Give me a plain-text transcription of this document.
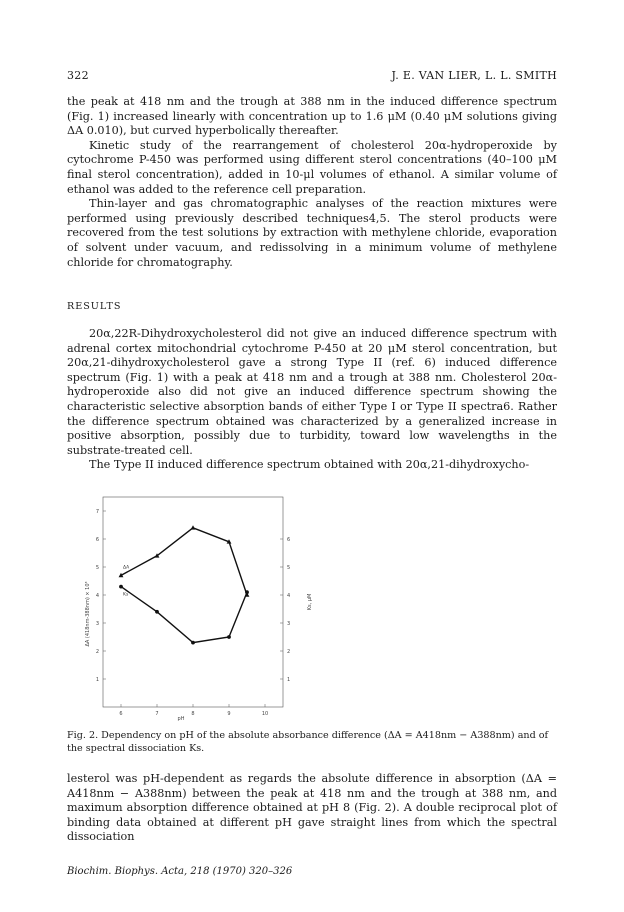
322	J. E. VAN LIER, L. L. SMITH

the peak at 418 nm and the trough at 388 nm in the induced difference spectrum (Fig. 1) increased linearly with concentration up to 1.6 μM (0.40 μM solutions giving ΔA 0.010), but curved hyperbolically thereafter.

Kinetic study of the rearrangement of cholesterol 20α-hydroperoxide by cytochrome P-450 was performed using different sterol concentrations (40–100 μM final sterol concentration), added in 10-μl volumes of ethanol. A similar volume of ethanol was added to the reference cell preparation.

Thin-layer and gas chromatographic analyses of the reaction mixtures were performed using previously described techniques4,5. The sterol products were recovered from the test solutions by extraction with methylene chloride, evaporation of solvent under vacuum, and redissolving in a minimum volume of methylene chloride for chromatography.

RESULTS

20α,22R-Dihydroxycholesterol did not give an induced difference spectrum with adrenal cortex mitochondrial cytochrome P-450 at 20 μM sterol concentration, but 20α,21-dihydroxycholesterol gave a strong Type II (ref. 6) induced difference spectrum (Fig. 1) with a peak at 418 nm and a trough at 388 nm. Cholesterol 20α-hydroperoxide also did not give an induced difference spectrum showing the characteristic selective absorption bands of either Type I or Type II spectra6. Rather the difference spectrum obtained was characterized by a generalized increase in positive absorption, possibly due to turbidity, toward low wavelengths in the substrate-treated cell.

The Type II induced difference spectrum obtained with 20α,21-dihydroxycho-

6	7	8	9	10
1
2
3
4
5
6
7
1
2
3
4
5
6
ΔA
Ks
ΔA (418nm-388nm) × 10³	Ks, μM
pH
Fig. 2. Dependency on pH of the absolute absorbance difference (ΔA = A418nm − A388nm) and of the spectral dissociation Ks.

lesterol was pH-dependent as regards the absolute difference in absorption (ΔA = A418nm − A388nm) between the peak at 418 nm and the trough at 388 nm, and maximum absorption difference obtained at pH 8 (Fig. 2). A double reciprocal plot of binding data obtained at different pH gave straight lines from which the spectral dissociation

Biochim. Biophys. Acta, 218 (1970) 320–326
